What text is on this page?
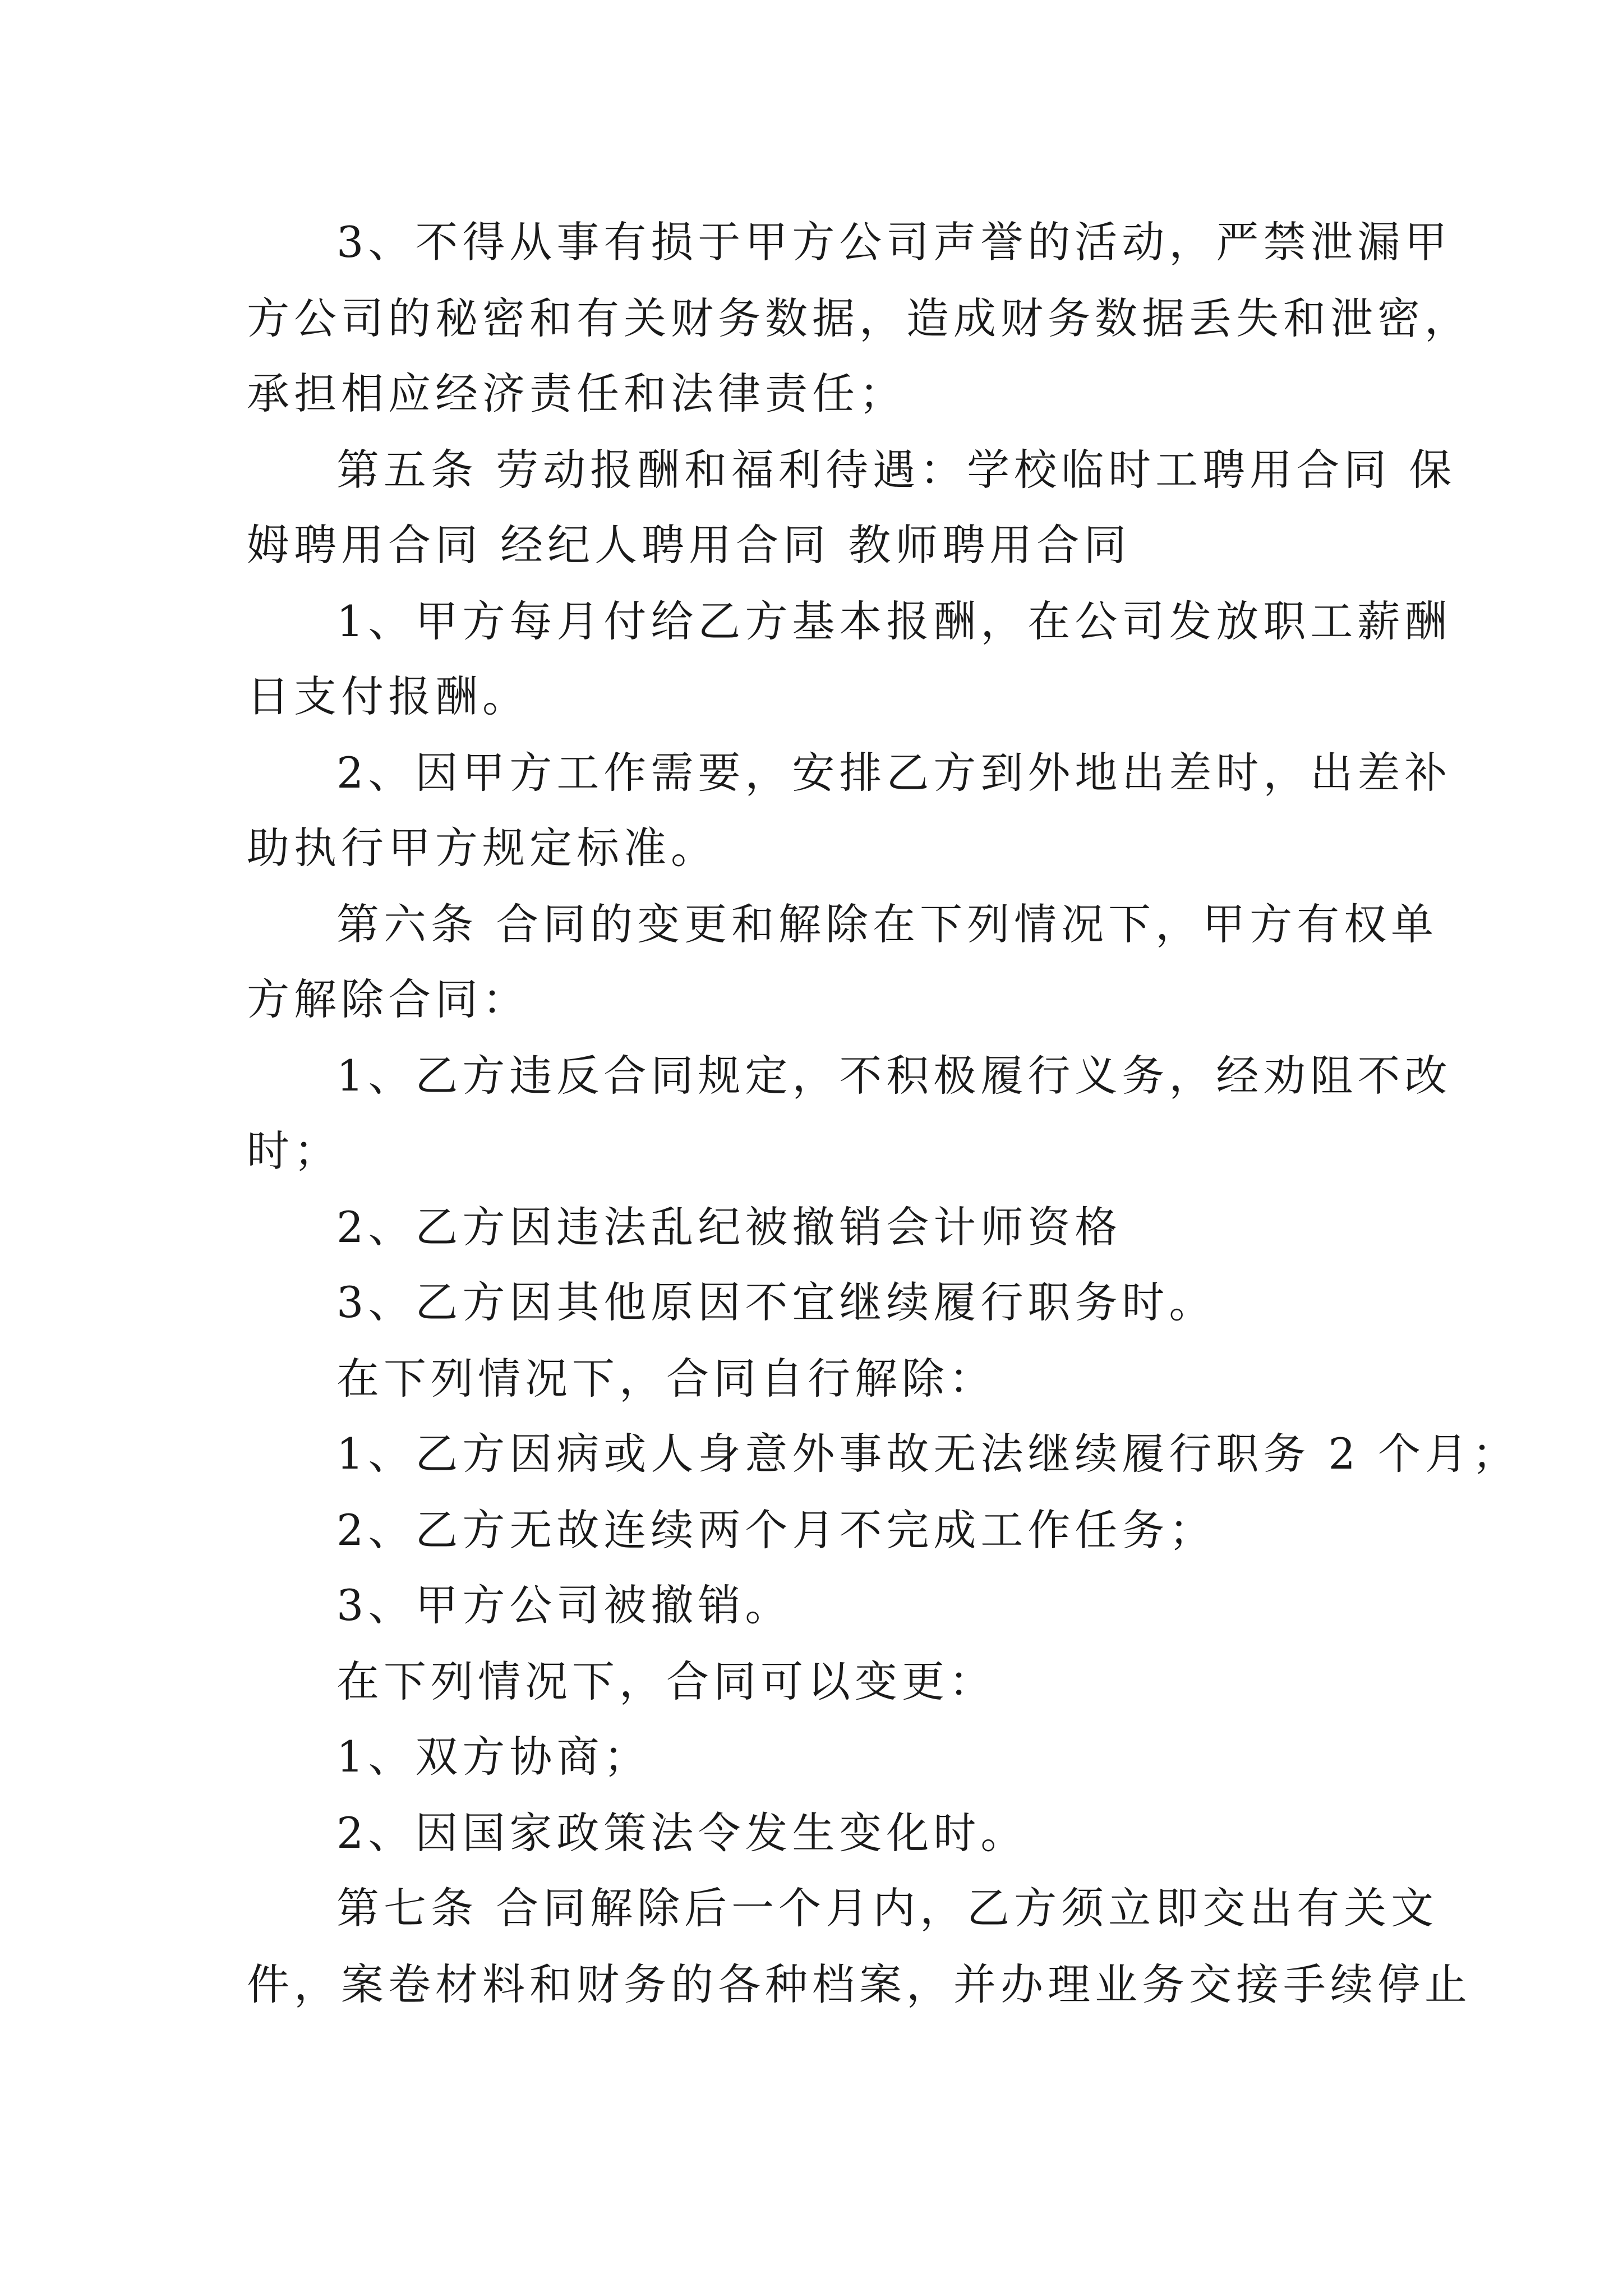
3、不得从事有损于甲方公司声誉的活动，严禁泄漏甲
方公司的秘密和有关财务数据，造成财务数据丢失和泄密，
承担相应经济责任和法律责任；
第五条 劳动报酬和福利待遇：学校临时工聘用合同 保
姆聘用合同 经纪人聘用合同 教师聘用合同
1、甲方每月付给乙方基本报酬，在公司发放职工薪酬
日支付报酬。
2、因甲方工作需要，安排乙方到外地出差时，出差补
助执行甲方规定标准。
第六条 合同的变更和解除在下列情况下，甲方有权单
方解除合同：
1、乙方违反合同规定，不积极履行义务，经劝阻不改
时；
2、乙方因违法乱纪被撤销会计师资格
3、乙方因其他原因不宜继续履行职务时。
在下列情况下，合同自行解除：
1、乙方因病或人身意外事故无法继续履行职务 2 个月；
2、乙方无故连续两个月不完成工作任务；
3、甲方公司被撤销。
在下列情况下，合同可以变更：
1、双方协商；
2、因国家政策法令发生变化时。
第七条 合同解除后一个月内，乙方须立即交出有关文
件，案卷材料和财务的各种档案，并办理业务交接手续停止
